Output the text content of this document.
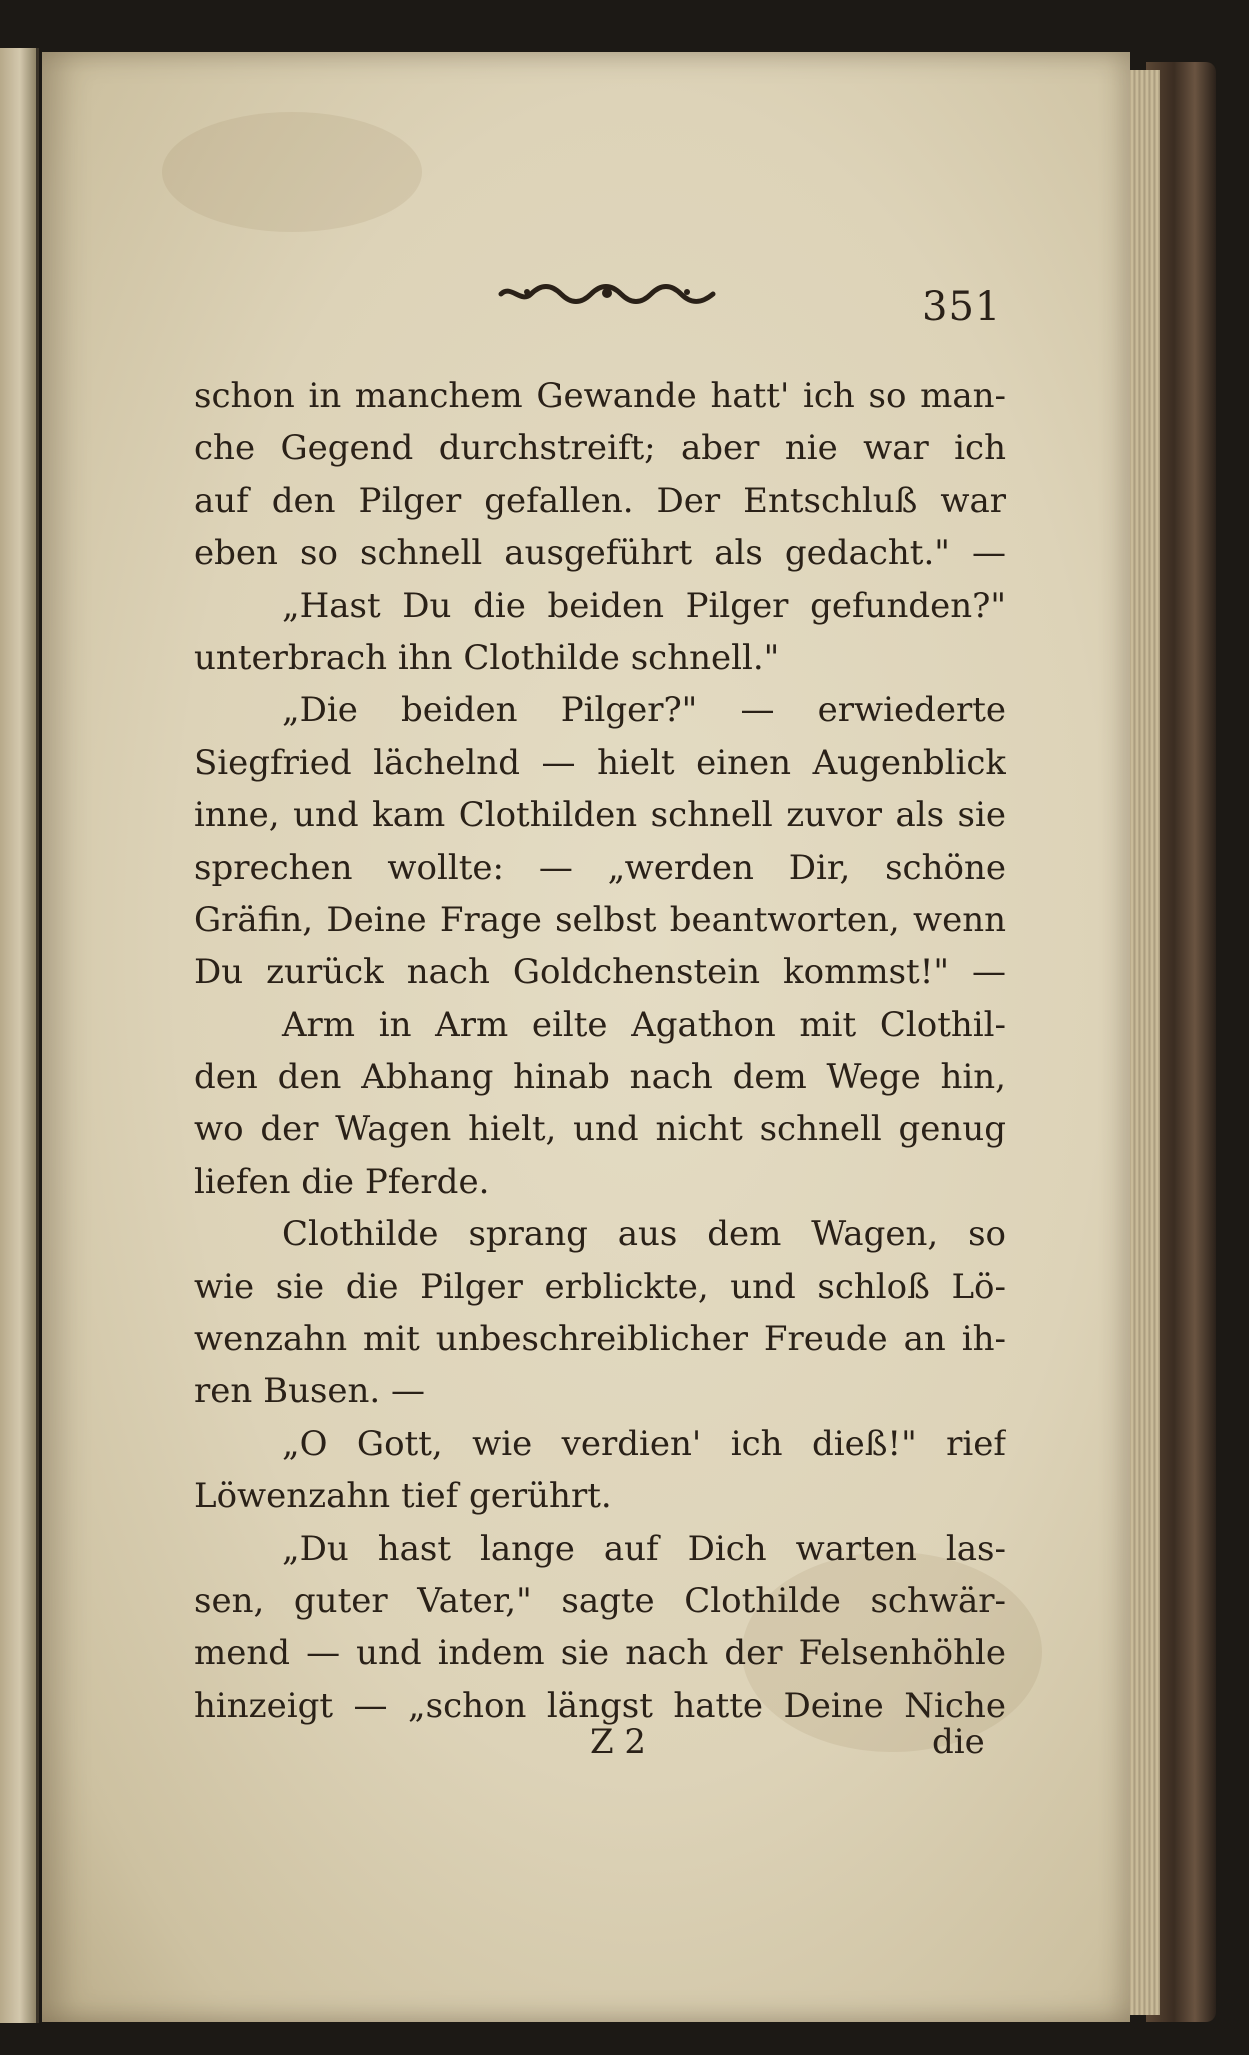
351
schon in manchem Gewande hatt' ich so man-
che Gegend durchstreift; aber nie war ich
auf den Pilger gefallen. Der Entschluß war
eben so schnell ausgeführt als gedacht." —
„Hast Du die beiden Pilger gefunden?"
unterbrach ihn Clothilde schnell."
„Die beiden Pilger?" — erwiederte
Siegfried lächelnd — hielt einen Augenblick
inne, und kam Clothilden schnell zuvor als sie
sprechen wollte: — „werden Dir, schöne
Gräfin, Deine Frage selbst beantworten, wenn
Du zurück nach Goldchenstein kommst!" —
Arm in Arm eilte Agathon mit Clothil-
den den Abhang hinab nach dem Wege hin,
wo der Wagen hielt, und nicht schnell genug
liefen die Pferde.
Clothilde sprang aus dem Wagen, so
wie sie die Pilger erblickte, und schloß Lö-
wenzahn mit unbeschreiblicher Freude an ih-
ren Busen. —
„O Gott, wie verdien' ich dieß!" rief
Löwenzahn tief gerührt.
„Du hast lange auf Dich warten las-
sen, guter Vater," sagte Clothilde schwär-
mend — und indem sie nach der Felsenhöhle
hinzeigt — „schon längst hatte Deine Niche
Z 2	die
